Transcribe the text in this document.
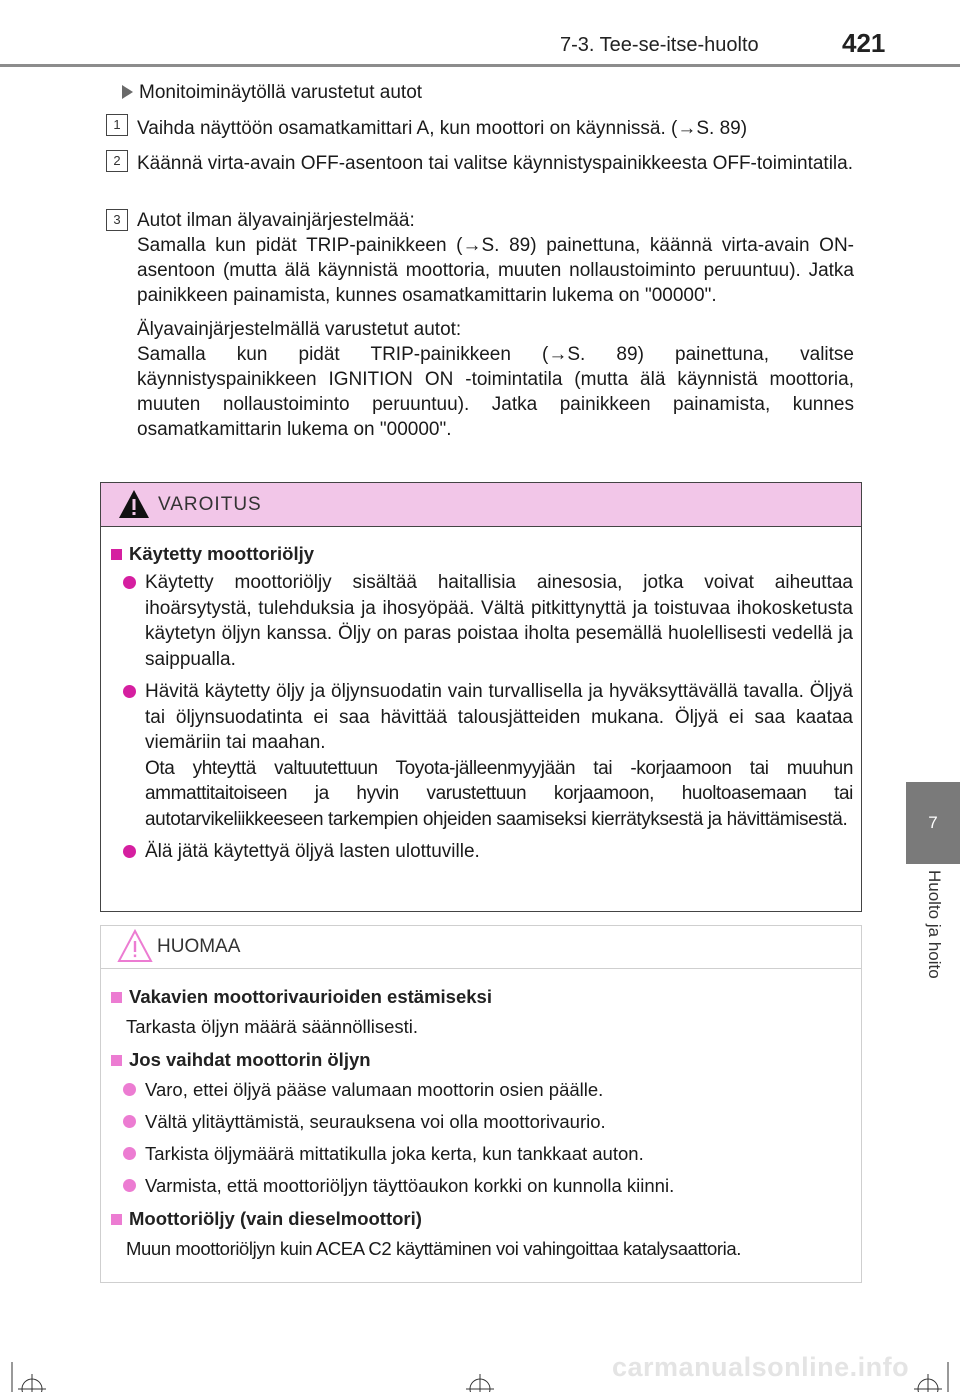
7-3. Tee-se-itse-huolto	421
7
Huolto ja hoito
Monitoiminäytöllä varustetut autot
1 Vaihda näyttöön osamatkamittari A, kun moottori on käynnissä. (→S. 89)
2 Käännä virta-avain OFF-asentoon tai valitse käynnistyspainikkeesta OFF-toimintatila.
3 Autot ilman älyavainjärjestelmää:
Samalla kun pidät TRIP-painikkeen (→S. 89) painettuna, käännä virta-avain ON-asentoon (mutta älä käynnistä moottoria, muuten nollaustoiminto peruuntuu). Jatka painikkeen painamista, kunnes osamatkamittarin lukema on "00000".
Älyavainjärjestelmällä varustetut autot:
Samalla kun pidät TRIP-painikkeen (→S. 89) painettuna, valitse käynnistyspainikkeen IGNITION ON -toimintatila (mutta älä käynnistä moottoria, muuten nollaustoiminto peruuntuu). Jatka painikkeen painamista, kunnes osamatkamittarin lukema on "00000".
VAROITUS
Käytetty moottoriöljy
Käytetty moottoriöljy sisältää haitallisia ainesosia, jotka voivat aiheuttaa ihoärsytystä, tulehduksia ja ihosyöpää. Vältä pitkittynyttä ja toistuvaa ihokosketusta käytetyn öljyn kanssa. Öljy on paras poistaa iholta pesemällä huolellisesti vedellä ja saippualla.
Hävitä käytetty öljy ja öljynsuodatin vain turvallisella ja hyväksyttävällä tavalla. Öljyä tai öljynsuodatinta ei saa hävittää talousjätteiden mukana. Öljyä ei saa kaataa viemäriin tai maahan.
Ota yhteyttä valtuutettuun Toyota-jälleenmyyjään tai -korjaamoon tai muuhun ammattitaitoiseen ja hyvin varustettuun korjaamoon, huoltoasemaan tai autotarvikeliikkeeseen tarkempien ohjeiden saamiseksi kierrätyksestä ja hävittämisestä.
Älä jätä käytettyä öljyä lasten ulottuville.
HUOMAA
Vakavien moottorivaurioiden estämiseksi
Tarkasta öljyn määrä säännöllisesti.
Jos vaihdat moottorin öljyn
Varo, ettei öljyä pääse valumaan moottorin osien päälle.
Vältä ylitäyttämistä, seurauksena voi olla moottorivaurio.
Tarkista öljymäärä mittatikulla joka kerta, kun tankkaat auton.
Varmista, että moottoriöljyn täyttöaukon korkki on kunnolla kiinni.
Moottoriöljy (vain dieselmoottori)
Muun moottoriöljyn kuin ACEA C2 käyttäminen voi vahingoittaa katalysaattoria.
carmanualsonline.info
